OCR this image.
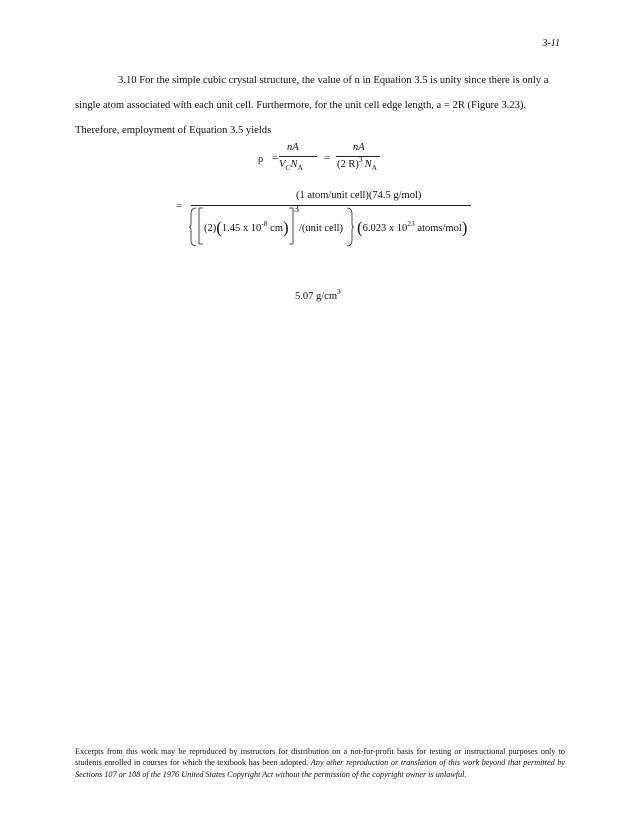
3-11
3.10 For the simple cubic crystal structure, the value of n in Equation 3.5 is unity since there is only a
single atom associated with each unit cell. Furthermore, for the unit cell edge length, a = 2R (Figure 3.23).
Therefore, employment of Equation 3.5 yields
ρ =
nA
$V_CN_A$
=
nA
(2 R)$^3$ $N_A$
=
(1 atom/unit cell)(74.5 g/mol)
(2)(1.45 x $10^{-8}$ cm)
3
/(unit cell) (6.023 x $10^{23}$ atoms/mol)
5.07 $g/cm^3$
Excerpts from this work may be reproduced by instructors for distribution on a not-for-profit basis for testing or instructional purposes only to students enrolled in courses for which the textbook has been adopted. Any other reproduction or translation of this work beyond that permitted by Sections 107 or 108 of the 1976 United States Copyright Act without the permission of the copyright owner is unlawful.
